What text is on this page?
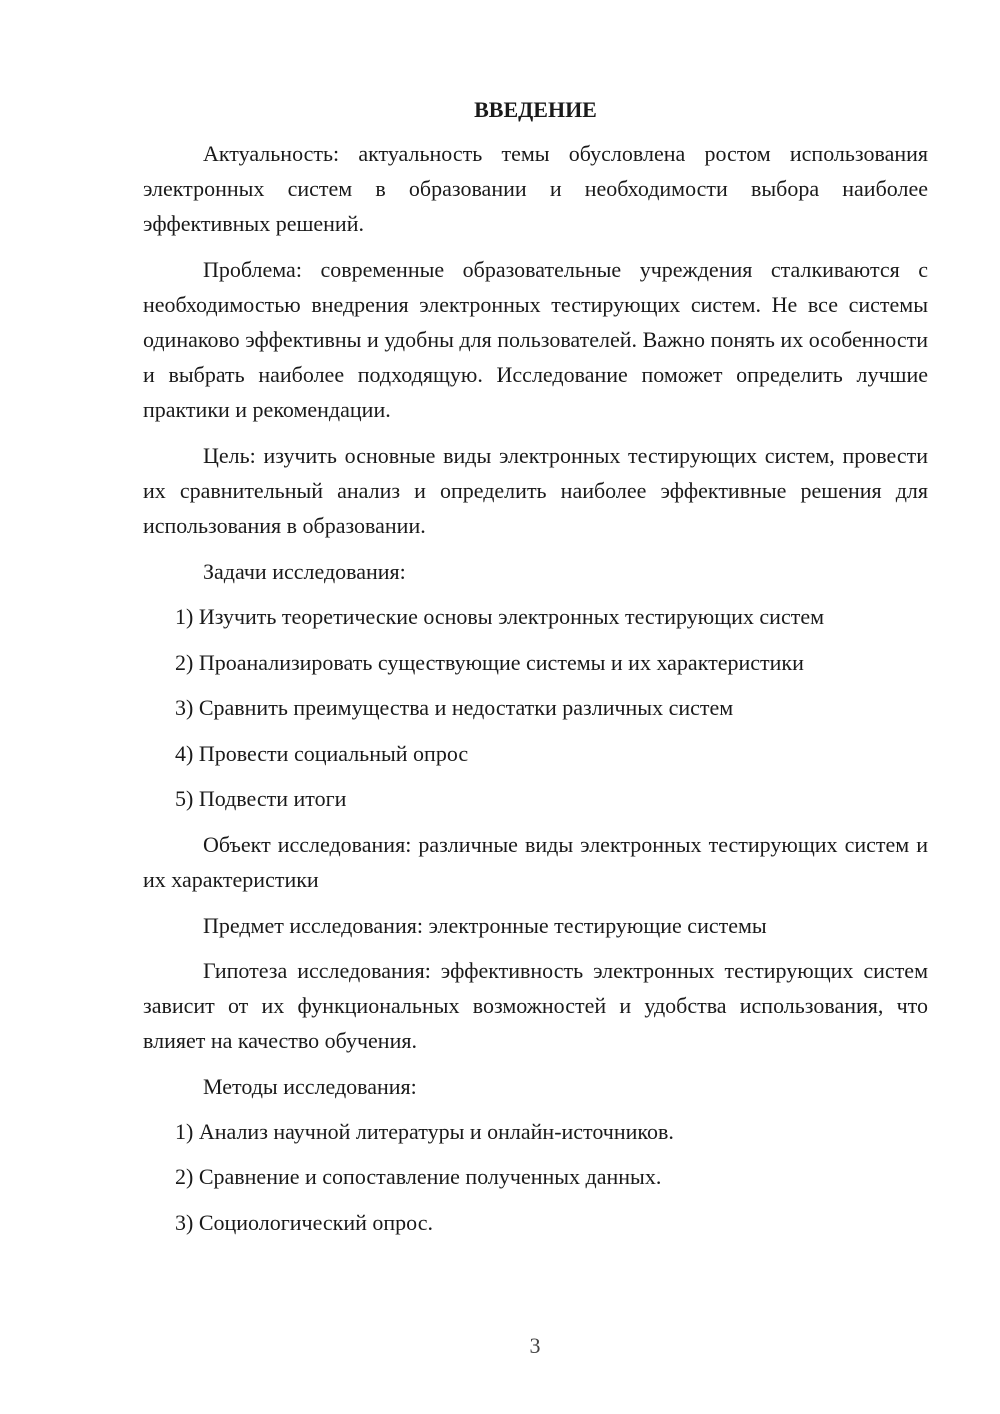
ВВЕДЕНИЕ

Актуальность: актуальность темы обусловлена ростом использования электронных систем в образовании и необходимости выбора наиболее эффективных решений.

Проблема: современные образовательные учреждения сталкиваются с необходимостью внедрения электронных тестирующих систем. Не все системы одинаково эффективны и удобны для пользователей. Важно понять их особенности и выбрать наиболее подходящую. Исследование поможет определить лучшие практики и рекомендации.

Цель: изучить основные виды электронных тестирующих систем, провести их сравнительный анализ и определить наиболее эффективные решения для использования в образовании.

Задачи исследования:

1) Изучить теоретические основы электронных тестирующих систем
2) Проанализировать существующие системы и их характеристики
3) Сравнить преимущества и недостатки различных систем
4) Провести социальный опрос
5) Подвести итоги

Объект исследования: различные виды электронных тестирующих систем и их характеристики

Предмет исследования: электронные тестирующие системы

Гипотеза исследования: эффективность электронных тестирующих систем зависит от их функциональных возможностей и удобства использования, что влияет на качество обучения.

Методы исследования:

1) Анализ научной литературы и онлайн-источников.
2) Сравнение и сопоставление полученных данных.
3) Социологический опрос.
3
